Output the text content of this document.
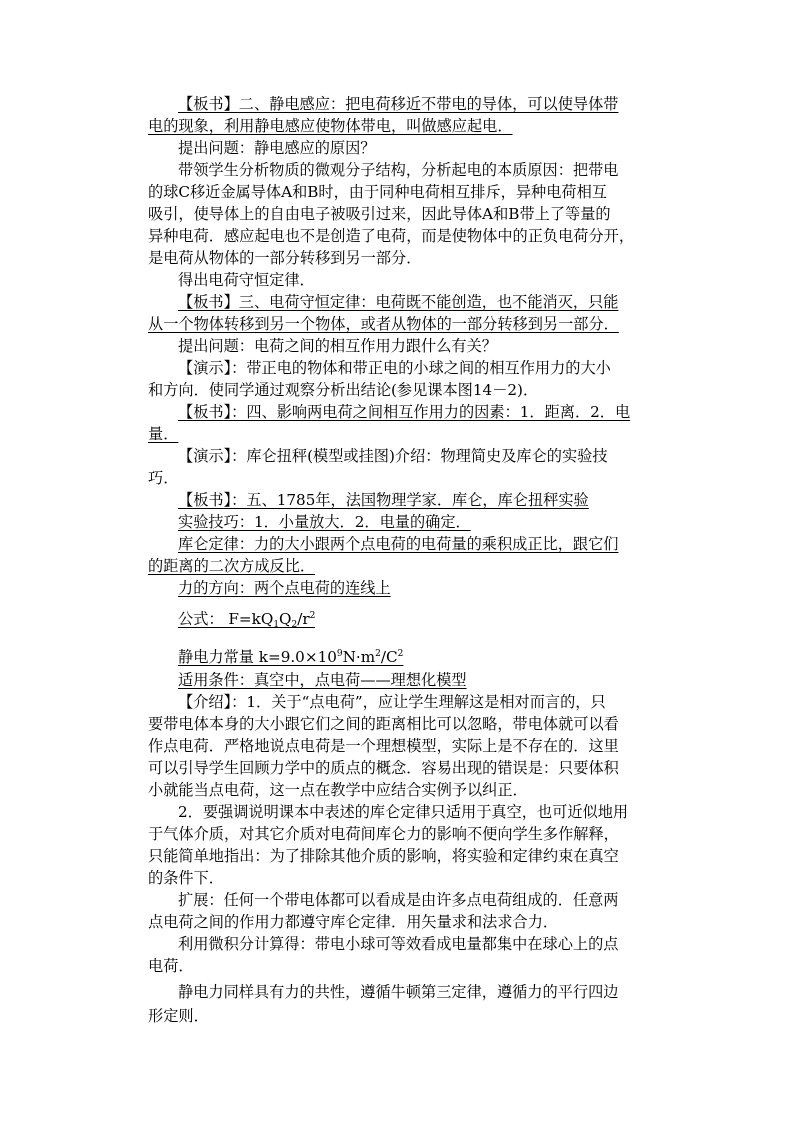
【板书】二、静电感应：把电荷移近不带电的导体，可以使导体带
电的现象，利用静电感应使物体带电，叫做感应起电．
提出问题：静电感应的原因？
带领学生分析物质的微观分子结构，分析起电的本质原因：把带电
的球C移近金属导体A和B时，由于同种电荷相互排斥，异种电荷相互
吸引，使导体上的自由电子被吸引过来，因此导体A和B带上了等量的
异种电荷．感应起电也不是创造了电荷，而是使物体中的正负电荷分开，
是电荷从物体的一部分转移到另一部分．
得出电荷守恒定律．
【板书】三、电荷守恒定律：电荷既不能创造，也不能消灭，只能
从一个物体转移到另一个物体，或者从物体的一部分转移到另一部分．
提出问题：电荷之间的相互作用力跟什么有关？
【演示】：带正电的物体和带正电的小球之间的相互作用力的大小
和方向．使同学通过观察分析出结论(参见课本图14－2)．
【板书】：四、影响两电荷之间相互作用力的因素：1．距离．2．电
量．
【演示】：库仑扭秤(模型或挂图)介绍：物理简史及库仑的实验技
巧．
【板书】：五、1785年，法国物理学家．库仑，库仑扭秤实验
实验技巧：1．小量放大．2．电量的确定．
库仑定律：力的大小跟两个点电荷的电荷量的乘积成正比，跟它们
的距离的二次方成反比．
力的方向：两个点电荷的连线上
公式： $F=kQ_1Q_2/r^2$
静电力常量 $k=9.0\times 10^9N\cdot m^2/C^2$
适用条件：真空中，点电荷——理想化模型
【介绍】：1．关于“点电荷”，应让学生理解这是相对而言的，只
要带电体本身的大小跟它们之间的距离相比可以忽略，带电体就可以看
作点电荷．严格地说点电荷是一个理想模型，实际上是不存在的．这里
可以引导学生回顾力学中的质点的概念．容易出现的错误是：只要体积
小就能当点电荷，这一点在教学中应结合实例予以纠正．
2．要强调说明课本中表述的库仑定律只适用于真空，也可近似地用
于气体介质，对其它介质对电荷间库仑力的影响不便向学生多作解释，
只能简单地指出：为了排除其他介质的影响，将实验和定律约束在真空
的条件下．
扩展：任何一个带电体都可以看成是由许多点电荷组成的．任意两
点电荷之间的作用力都遵守库仑定律．用矢量求和法求合力．
利用微积分计算得：带电小球可等效看成电量都集中在球心上的点
电荷．
静电力同样具有力的共性，遵循牛顿第三定律，遵循力的平行四边
形定则．
